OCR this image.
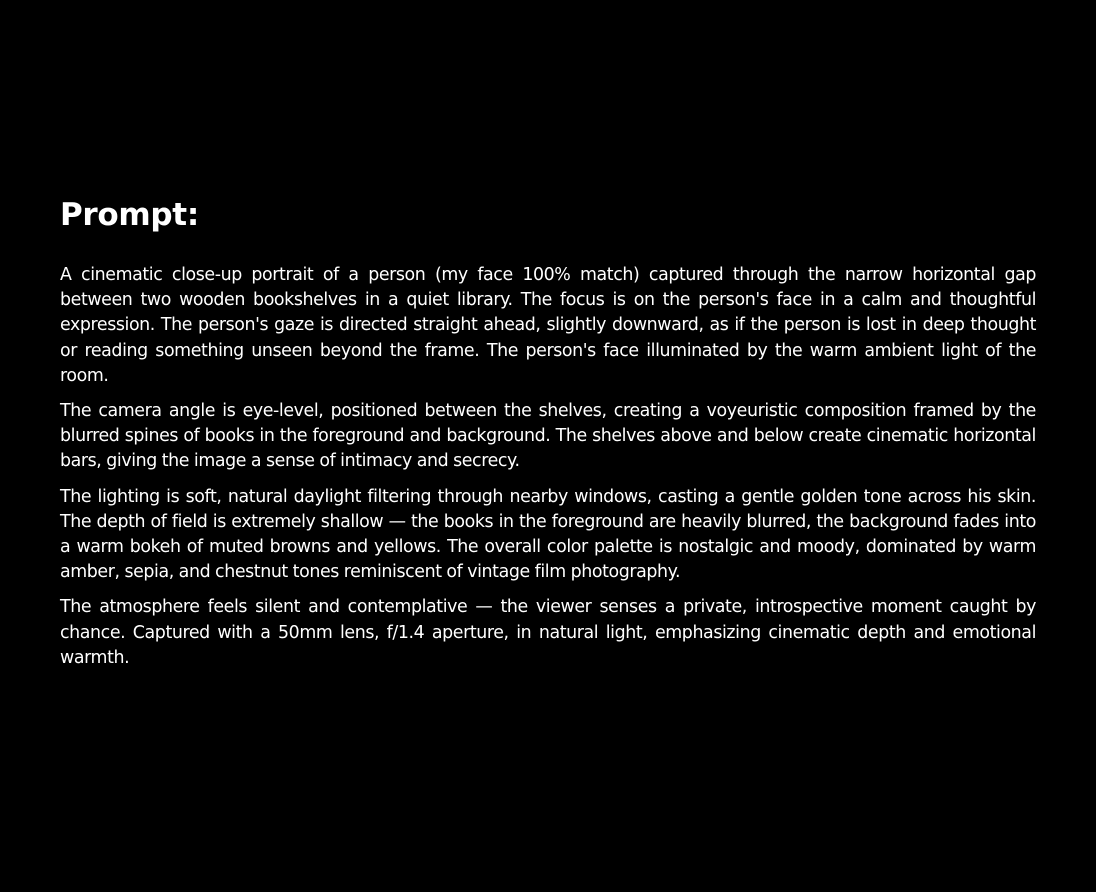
Prompt:

A cinematic close-up portrait of a person (my face 100% match) captured through the narrow horizontal gap between two wooden bookshelves in a quiet library. The focus is on the person's face in a calm and thoughtful expression. The person's gaze is directed straight ahead, slightly downward, as if the person is lost in deep thought or reading something unseen beyond the frame. The person's face illuminated by the warm ambient light of the room.

The camera angle is eye-level, positioned between the shelves, creating a voyeuristic composition framed by the blurred spines of books in the foreground and background. The shelves above and below create cinematic horizontal bars, giving the image a sense of intimacy and secrecy.

The lighting is soft, natural daylight filtering through nearby windows, casting a gentle golden tone across his skin. The depth of field is extremely shallow — the books in the foreground are heavily blurred, the background fades into a warm bokeh of muted browns and yellows. The overall color palette is nostalgic and moody, dominated by warm amber, sepia, and chestnut tones reminiscent of vintage film photography.

The atmosphere feels silent and contemplative — the viewer senses a private, introspective moment caught by chance. Captured with a 50mm lens, f/1.4 aperture, in natural light, emphasizing cinematic depth and emotional warmth.
